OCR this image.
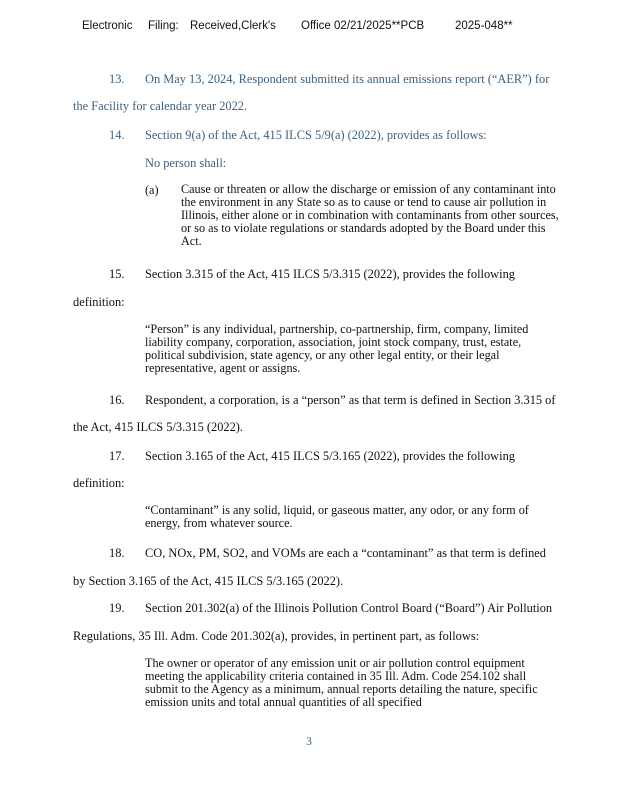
Electronic Filing: Received,Clerk's Office 02/21/2025**PCB	2025-048**
13. On May 13, 2024, Respondent submitted its annual emissions report (“AER”) for
the Facility for calendar year 2022.
14. Section 9(a) of the Act, 415 ILCS 5/9(a) (2022), provides as follows:
No person shall:
(a)	Cause or threaten or allow the discharge or emission of any contaminant into the environment in any State so as to cause or tend to cause air pollution in Illinois, either alone or in combination with contaminants from other sources, or so as to violate regulations or standards adopted by the Board under this Act.
15. Section 3.315 of the Act, 415 ILCS 5/3.315 (2022), provides the following
definition:
“Person” is any individual, partnership, co-partnership, firm, company, limited liability company, corporation, association, joint stock company, trust, estate, political subdivision, state agency, or any other legal entity, or their legal representative, agent or assigns.
16. Respondent, a corporation, is a “person” as that term is defined in Section 3.315 of
the Act, 415 ILCS 5/3.315 (2022).
17. Section 3.165 of the Act, 415 ILCS 5/3.165 (2022), provides the following
definition:
“Contaminant” is any solid, liquid, or gaseous matter, any odor, or any form of energy, from whatever source.
18. CO, NOx, PM, SO2, and VOMs are each a “contaminant” as that term is defined
by Section 3.165 of the Act, 415 ILCS 5/3.165 (2022).
19. Section 201.302(a) of the Illinois Pollution Control Board (“Board”) Air Pollution
Regulations, 35 Ill. Adm. Code 201.302(a), provides, in pertinent part, as follows:
The owner or operator of any emission unit or air pollution control equipment meeting the applicability criteria contained in 35 Ill. Adm. Code 254.102 shall submit to the Agency as a minimum, annual reports detailing the nature, specific emission units and total annual quantities of all specified
3
